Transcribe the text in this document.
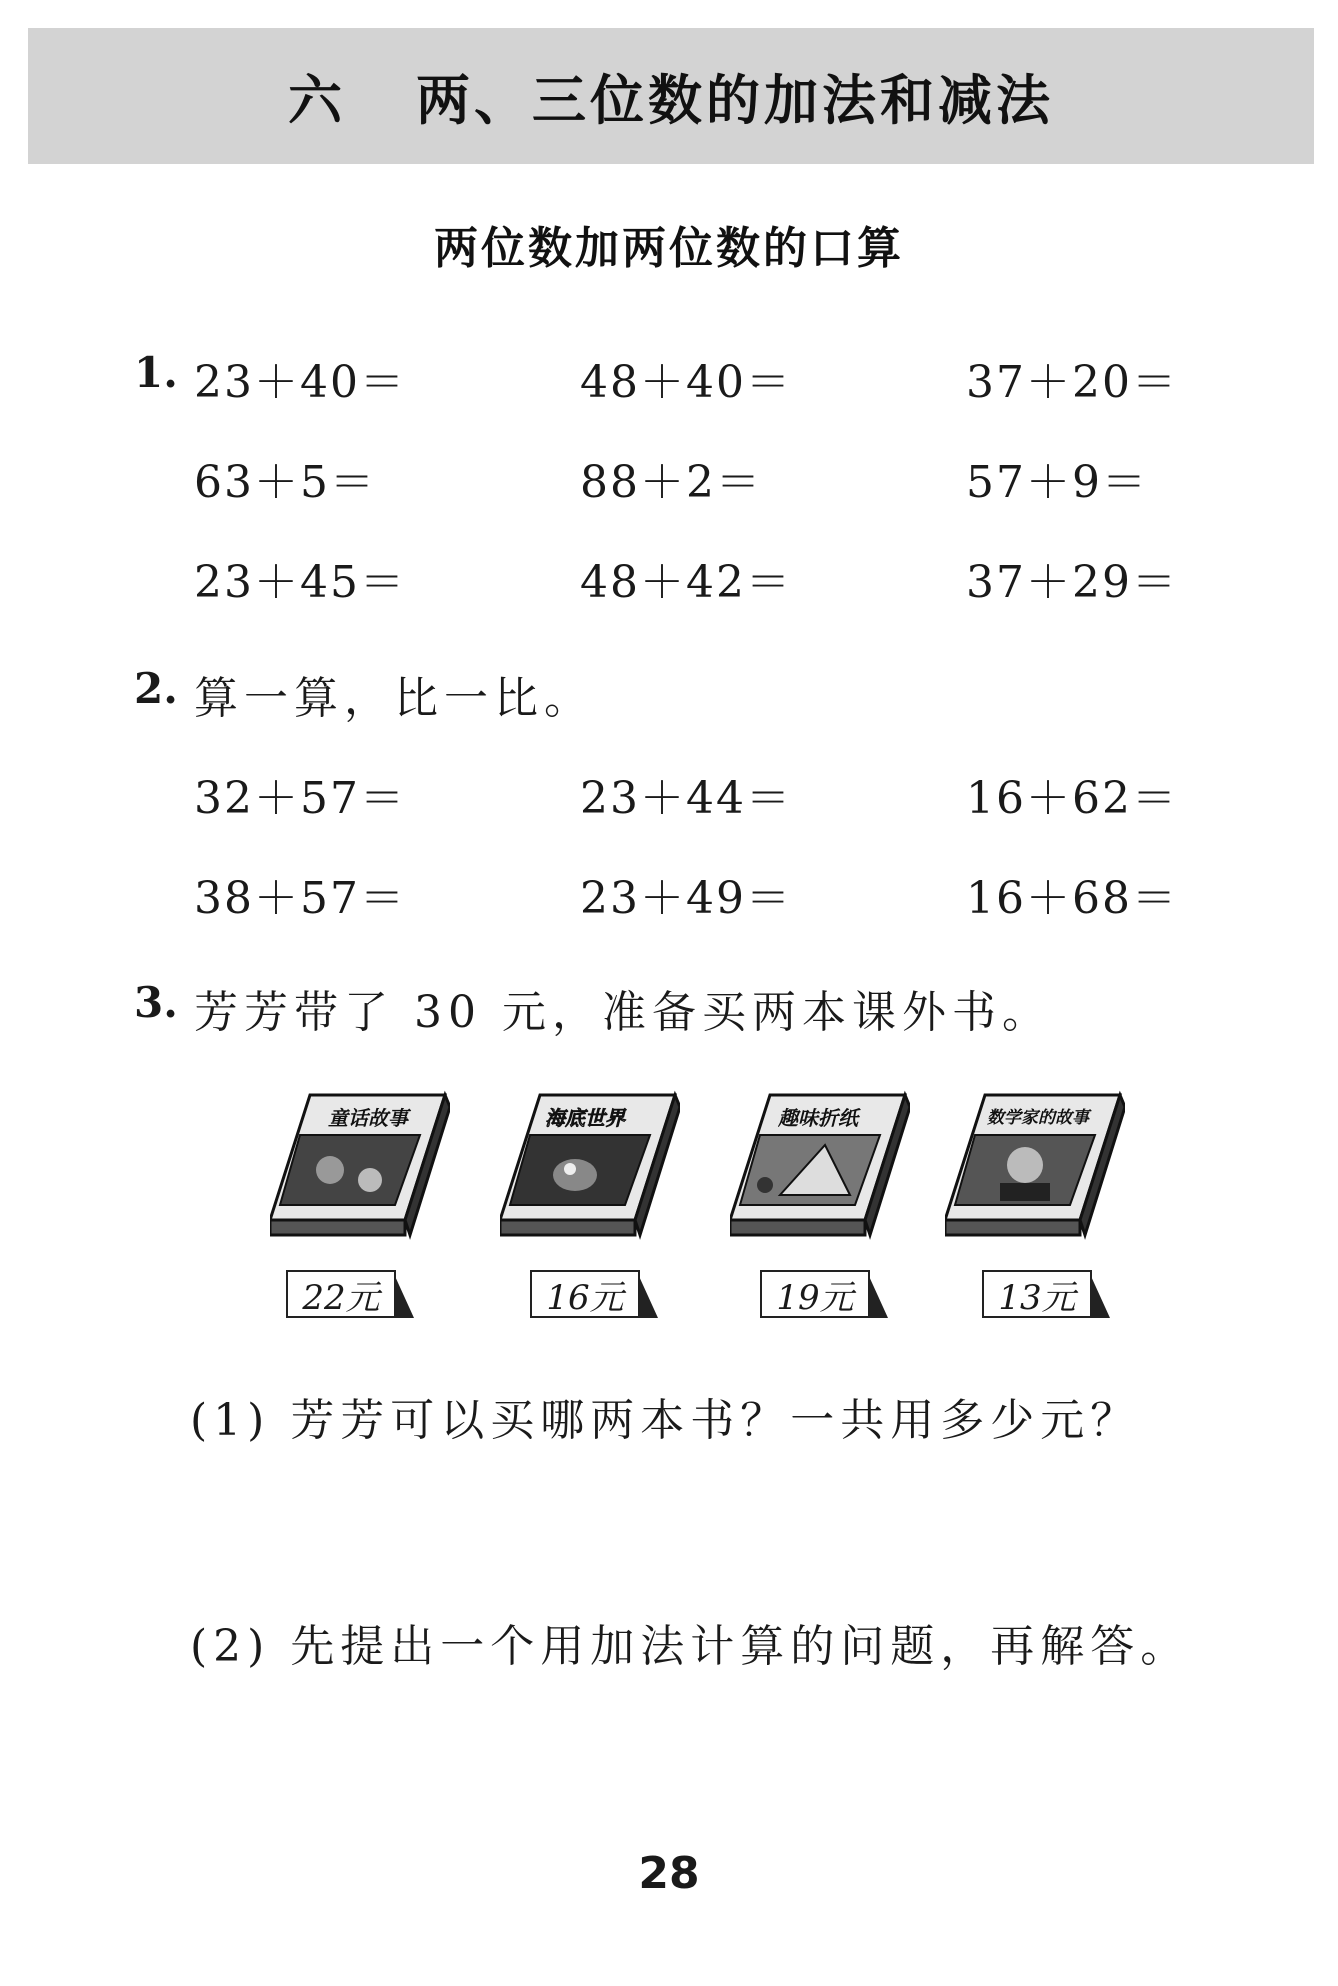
六 两、三位数的加法和减法
两位数加两位数的口算
1. 23＋40＝	48＋40＝	37＋20＝
63＋5＝	88＋2＝	57＋9＝
23＋45＝	48＋42＝	37＋29＝
2. 算一算，比一比。
32＋57＝	23＋44＝	16＋62＝
38＋57＝	23＋49＝	16＋68＝
3. 芳芳带了 30 元，准备买两本课外书。
童话故事
22元
海底世界
16元
趣味折纸
19元
数学家的故事
13元
(1) 芳芳可以买哪两本书？一共用多少元？
(2) 先提出一个用加法计算的问题，再解答。
28
